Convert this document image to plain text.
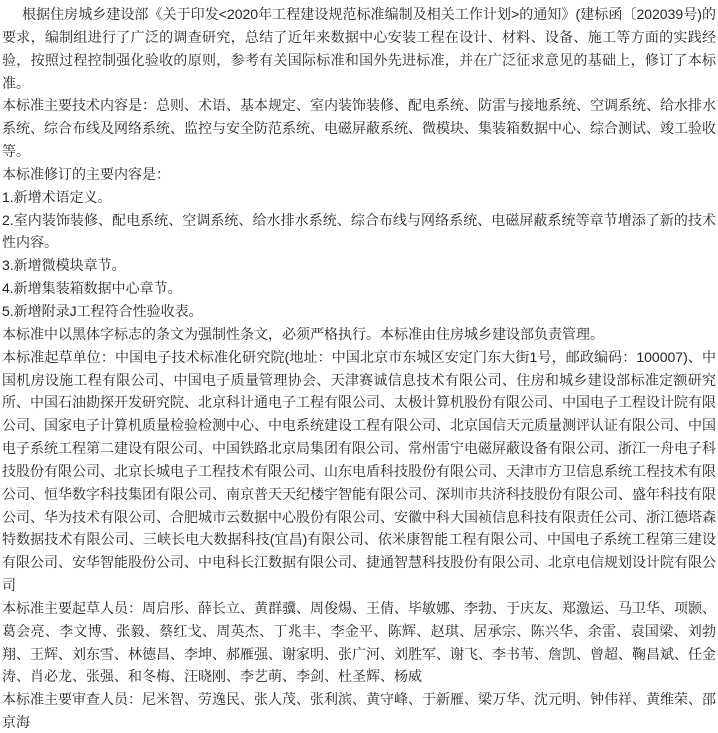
根据住房城乡建设部《关于印发<2020年工程建设规范标准编制及相关工作计划>的通知》(建标函〔202039号)的要求，编制组进行了广泛的调查研究，总结了近年来数据中心安装工程在设计、材料、设备、施工等方面的实践经验，按照过程控制强化验收的原则，参考有关国际标准和国外先进标准，并在广泛征求意见的基础上，修订了本标准。

本标准主要技术内容是：总则、术语、基本规定、室内装饰装修、配电系统、防雷与接地系统、空调系统、给水排水系统、综合布线及网络系统、监控与安全防范系统、电磁屏蔽系统、微模块、集装箱数据中心、综合测试、竣工验收等。

本标准修订的主要内容是：

1.新增术语定义。

2.室内装饰装修、配电系统、空调系统、给水排水系统、综合布线与网络系统、电磁屏蔽系统等章节增添了新的技术性内容。

3.新增微模块章节。

4.新增集装箱数据中心章节。

5.新增附录J工程符合性验收表。

本标准中以黑体字标志的条文为强制性条文，必须严格执行。本标准由住房城乡建设部负责管理。

本标准起草单位：中国电子技术标准化研究院(地址：中国北京市东城区安定门东大街1号，邮政编码：100007)、中国机房设施工程有限公司、中国电子质量管理协会、天津赛诚信息技术有限公司、住房和城乡建设部标准定额研究所、中国石油勘探开发研究院、北京科计通电子工程有限公司、太极计算机股份有限公司、中国电子工程设计院有限公司、国家电子计算机质量检验检测中心、中电系统建设工程有限公司、北京国信天元质量测评认证有限公司、中国电子系统工程第二建设有限公司、中国铁路北京局集团有限公司、常州雷宁电磁屏蔽设备有限公司、浙江一舟电子科技股份有限公司、北京长城电子工程技术有限公司、山东电盾科技股份有限公司、天津市方卫信息系统工程技术有限公司、恒华数字科技集团有限公司、南京普天天纪楼宇智能有限公司、深圳市共济科技股份有限公司、盛年科技有限公司、华为技术有限公司、合肥城市云数据中心股份有限公司、安徽中科大国祯信息科技有限责任公司、浙江德塔森特数据技术有限公司、三峡长电大数据科技(宜昌)有限公司、依米康智能工程有限公司、中国电子系统工程第三建设有限公司、安华智能股份公司、中电科长江数据有限公司、捷通智慧科技股份有限公司、北京电信规划设计院有限公司

本标准主要起草人员：周启彤、薛长立、黄群骥、周俊煬、王倩、毕敏娜、李勃、于庆友、郑激运、马卫华、项颢、葛会亮、李文博、张毅、蔡红戈、周英杰、丁兆丰、李金平、陈辉、赵琪、居承宗、陈兴华、余雷、袁国梁、刘勃翔、王辉、刘东雪、林德昌、李坤、郝雁强、谢家明、张广河、刘胜军、谢飞、李书苇、詹凯、曾超、鞠昌斌、任金涛、肖必龙、张强、和冬梅、汪晓刚、李艺萌、李剑、杜圣辉、杨威

本标准主要审查人员：尼米智、劳逸民、张人茂、张利滨、黄守峰、于新雁、梁万华、沈元明、钟伟祥、黄维荣、邵京海
